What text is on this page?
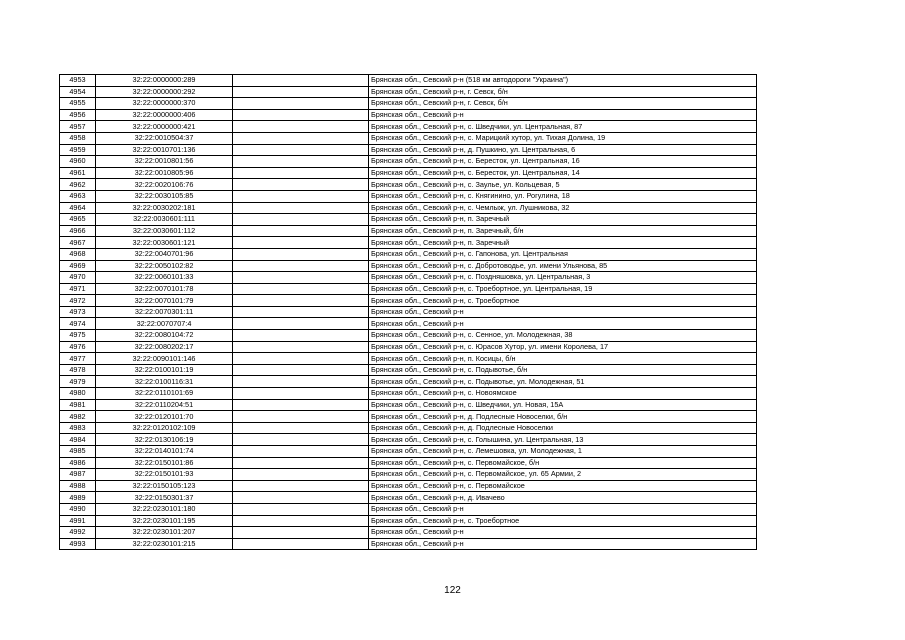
4953	32:22:0000000:289		Брянская обл., Севский р-н (518 км автодороги "Украина")
4954	32:22:0000000:292		Брянская обл., Севский р-н, г. Севск, б/н
4955	32:22:0000000:370		Брянская обл., Севский р-н, г. Севск, б/н
4956	32:22:0000000:406		Брянская обл., Севский р-н
4957	32:22:0000000:421		Брянская обл., Севский р-н, с. Шведчики, ул. Центральная, 87
4958	32:22:0010504:37		Брянская обл., Севский р-н, с. Марицкий хутор, ул. Тихая Долина, 19
4959	32:22:0010701:136		Брянская обл., Севский р-н, д. Пушкино, ул. Центральная, 6
4960	32:22:0010801:56		Брянская обл., Севский р-н, с. Береcток, ул. Центральная, 16
4961	32:22:0010805:96		Брянская обл., Севский р-н, с. Береcток, ул. Центральная, 14
4962	32:22:0020106:76		Брянская обл., Севский р-н, с. Заулье, ул. Кольцевая, 5
4963	32:22:0030105:85		Брянская обл., Севский р-н, с. Княгинино, ул. Рогулина, 18
4964	32:22:0030202:181		Брянская обл., Севский р-н, с. Чемлыж, ул. Лушникова, 32
4965	32:22:0030601:111		Брянская обл., Севский р-н, п. Заречный
4966	32:22:0030601:112		Брянская обл., Севский р-н, п. Заречный, б/н
4967	32:22:0030601:121		Брянская обл., Севский р-н, п. Заречный
4968	32:22:0040701:96		Брянская обл., Севский р-н, с. Гапонова, ул. Центральная
4969	32:22:0050102:82		Брянская обл., Севский р-н, с. Добротоводье, ул. имени Ульянова, 85
4970	32:22:0060101:33		Брянская обл., Севский р-н, с. Поздняшовка, ул. Центральная, 3
4971	32:22:0070101:78		Брянская обл., Севский р-н, с. Троебортное, ул. Центральная, 19
4972	32:22:0070101:79		Брянская обл., Севский р-н, с. Троебортное
4973	32:22:0070301:11		Брянская обл., Севский р-н
4974	32:22:0070707:4		Брянская обл., Севский р-н
4975	32:22:0080104:72		Брянская обл., Севский р-н, с. Сенное, ул. Молодежная, 38
4976	32:22:0080202:17		Брянская обл., Севский р-н, с. Юрасов Хутор, ул. имени Королева, 17
4977	32:22:0090101:146		Брянская обл., Севский р-н, п. Косицы, б/н
4978	32:22:0100101:19		Брянская обл., Севский р-н, с. Подывотье, б/н
4979	32:22:0100116:31		Брянская обл., Севский р-н, с. Подывотье, ул. Молодежная, 51
4980	32:22:0110101:69		Брянская обл., Севский р-н, с. Новоямское
4981	32:22:0110204:51		Брянская обл., Севский р-н, с. Шведчики, ул. Новая, 15А
4982	32:22:0120101:70		Брянская обл., Севский р-н, д. Подлесные Новоселки, б/н
4983	32:22:0120102:109		Брянская обл., Севский р-н, д. Подлесные Новоселки
4984	32:22:0130106:19		Брянская обл., Севский р-н, с. Голышина, ул. Центральная, 13
4985	32:22:0140101:74		Брянская обл., Севский р-н, с. Лемешовка, ул. Молодежная, 1
4986	32:22:0150101:86		Брянская обл., Севский р-н, с. Первомайское, б/н
4987	32:22:0150101:93		Брянская обл., Севский р-н, с. Первомайское, ул. 65 Армии, 2
4988	32:22:0150105:123		Брянская обл., Севский р-н, с. Первомайское
4989	32:22:0150301:37		Брянская обл., Севский р-н, д. Ивачево
4990	32:22:0230101:180		Брянская обл., Севский р-н
4991	32:22:0230101:195		Брянская обл., Севский р-н, с. Троебортное
4992	32:22:0230101:207		Брянская обл., Севский р-н
4993	32:22:0230101:215		Брянская обл., Севский р-н
122
